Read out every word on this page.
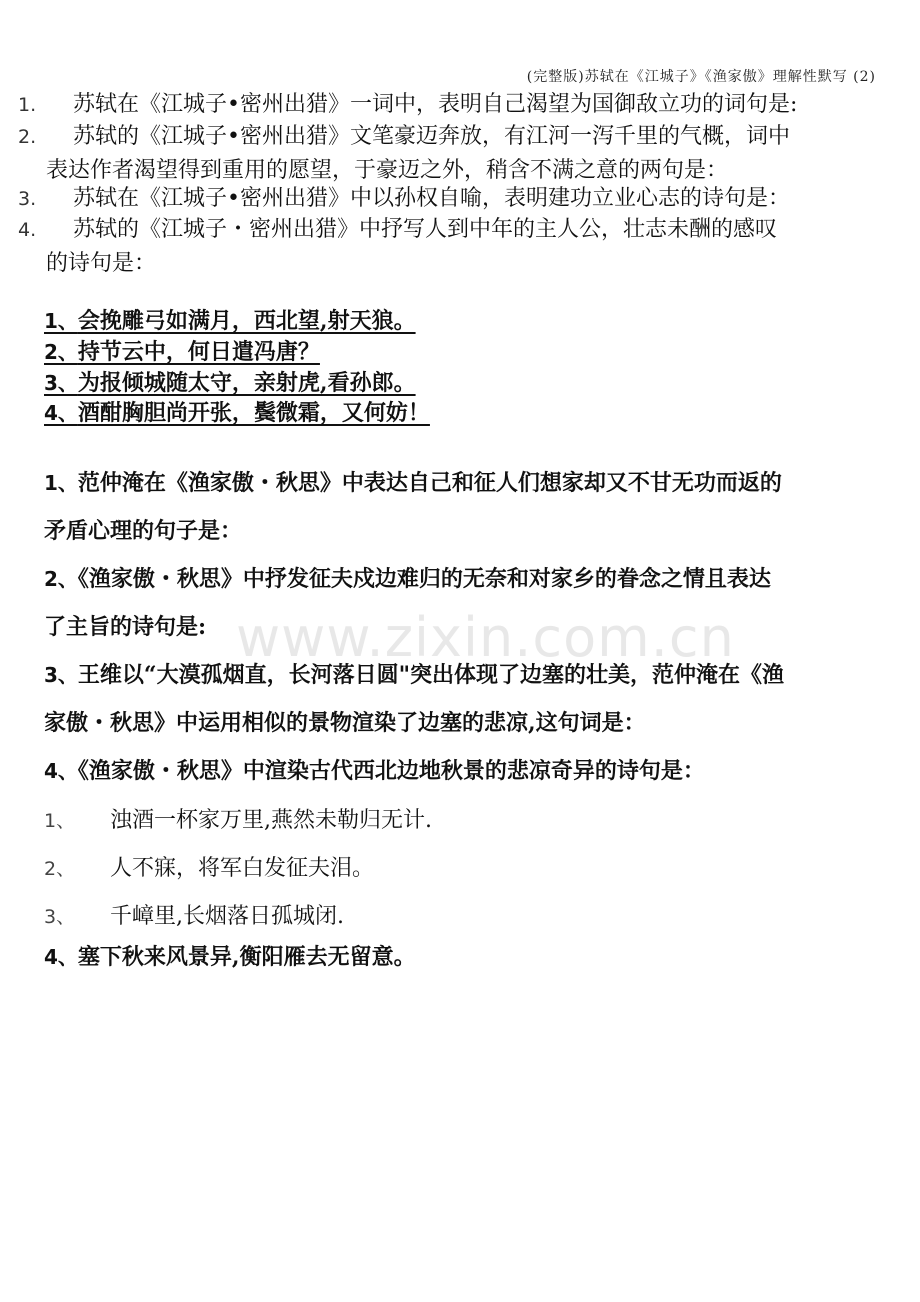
(完整版)苏轼在《江城子》《渔家傲》理解性默写 (2)
1. 苏轼在《江城子•密州出猎》一词中，表明自己渴望为国御敌立功的词句是:
2. 苏轼的《江城子•密州出猎》文笔豪迈奔放，有江河一泻千里的气概，词中
表达作者渴望得到重用的愿望，于豪迈之外，稍含不满之意的两句是：
3. 苏轼在《江城子•密州出猎》中以孙权自喻，表明建功立业心志的诗句是：
4. 苏轼的《江城子・密州出猎》中抒写人到中年的主人公，壮志未酬的感叹
的诗句是：
1、会挽雕弓如满月，西北望,射天狼。
2、持节云中，何日遣冯唐？
3、为报倾城随太守，亲射虎,看孙郎。
4、酒酣胸胆尚开张，鬓微霜，又何妨！
1、范仲淹在《渔家傲・秋思》中表达自己和征人们想家却又不甘无功而返的
矛盾心理的句子是：
2、《渔家傲・秋思》中抒发征夫戍边难归的无奈和对家乡的眷念之情且表达
了主旨的诗句是:
3、王维以“大漠孤烟直，长河落日圆"突出体现了边塞的壮美，范仲淹在《渔
家傲・秋思》中运用相似的景物渲染了边塞的悲凉,这句词是：
4、《渔家傲・秋思》中渲染古代西北边地秋景的悲凉奇异的诗句是：
www.zixin.com.cn
1、 浊酒一杯家万里,燕然未勒归无计.
2、 人不寐，将军白发征夫泪。
3、 千嶂里,长烟落日孤城闭.
4、塞下秋来风景异,衡阳雁去无留意。
